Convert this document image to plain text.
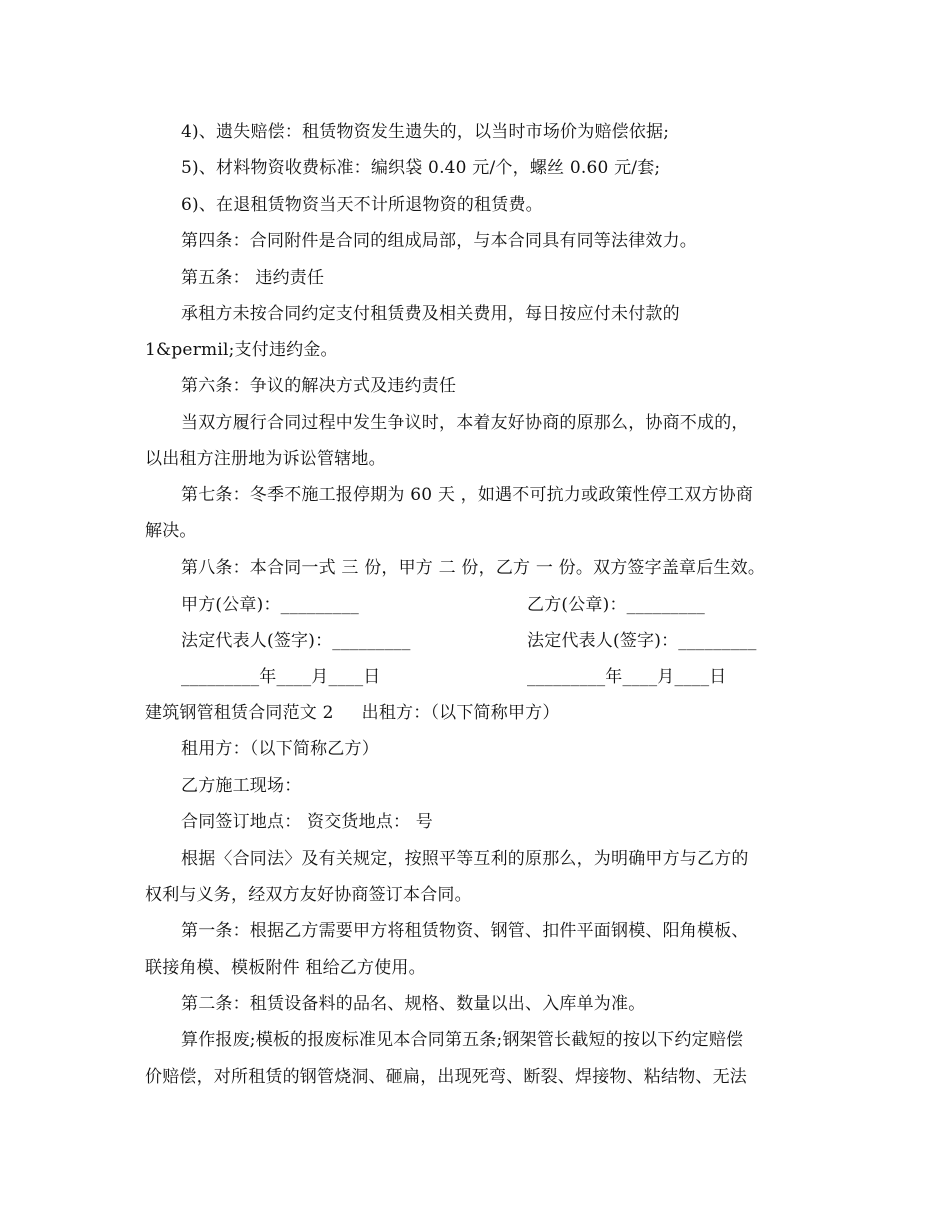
4)、遗失赔偿：租赁物资发生遗失的，以当时市场价为赔偿依据;
5)、材料物资收费标准：编织袋 0.40 元/个，螺丝 0.60 元/套;
6)、在退租赁物资当天不计所退物资的租赁费。
第四条：合同附件是合同的组成局部，与本合同具有同等法律效力。
第五条： 违约责任
承租方未按合同约定支付租赁费及相关费用，每日按应付未付款的
1&permil;支付违约金。
第六条：争议的解决方式及违约责任
当双方履行合同过程中发生争议时，本着友好协商的原那么，协商不成的，
以出租方注册地为诉讼管辖地。
第七条：冬季不施工报停期为 60 天 ，如遇不可抗力或政策性停工双方协商
解决。
第八条：本合同一式 三 份，甲方 二 份，乙方 一 份。双方签字盖章后生效。
甲方(公章)：_________	乙方(公章)：_________
法定代表人(签字)：_________	法定代表人(签字)：_________
_________年____月____日	_________年____月____日
建筑钢管租赁合同范文 2     出租方：（以下简称甲方）
租用方：（以下简称乙方）
乙方施工现场：
合同签订地点： 资交货地点： 号
根据〈合同法〉及有关规定，按照平等互利的原那么，为明确甲方与乙方的
权利与义务，经双方友好协商签订本合同。
第一条：根据乙方需要甲方将租赁物资、钢管、扣件平面钢模、阳角模板、
联接角模、模板附件 租给乙方使用。
第二条：租赁设备料的品名、规格、数量以出、入库单为准。
算作报废;模板的报废标准见本合同第五条;钢架管长截短的按以下约定赔偿
价赔偿，对所租赁的钢管烧洞、砸扁，出现死弯、断裂、焊接物、粘结物、无法
